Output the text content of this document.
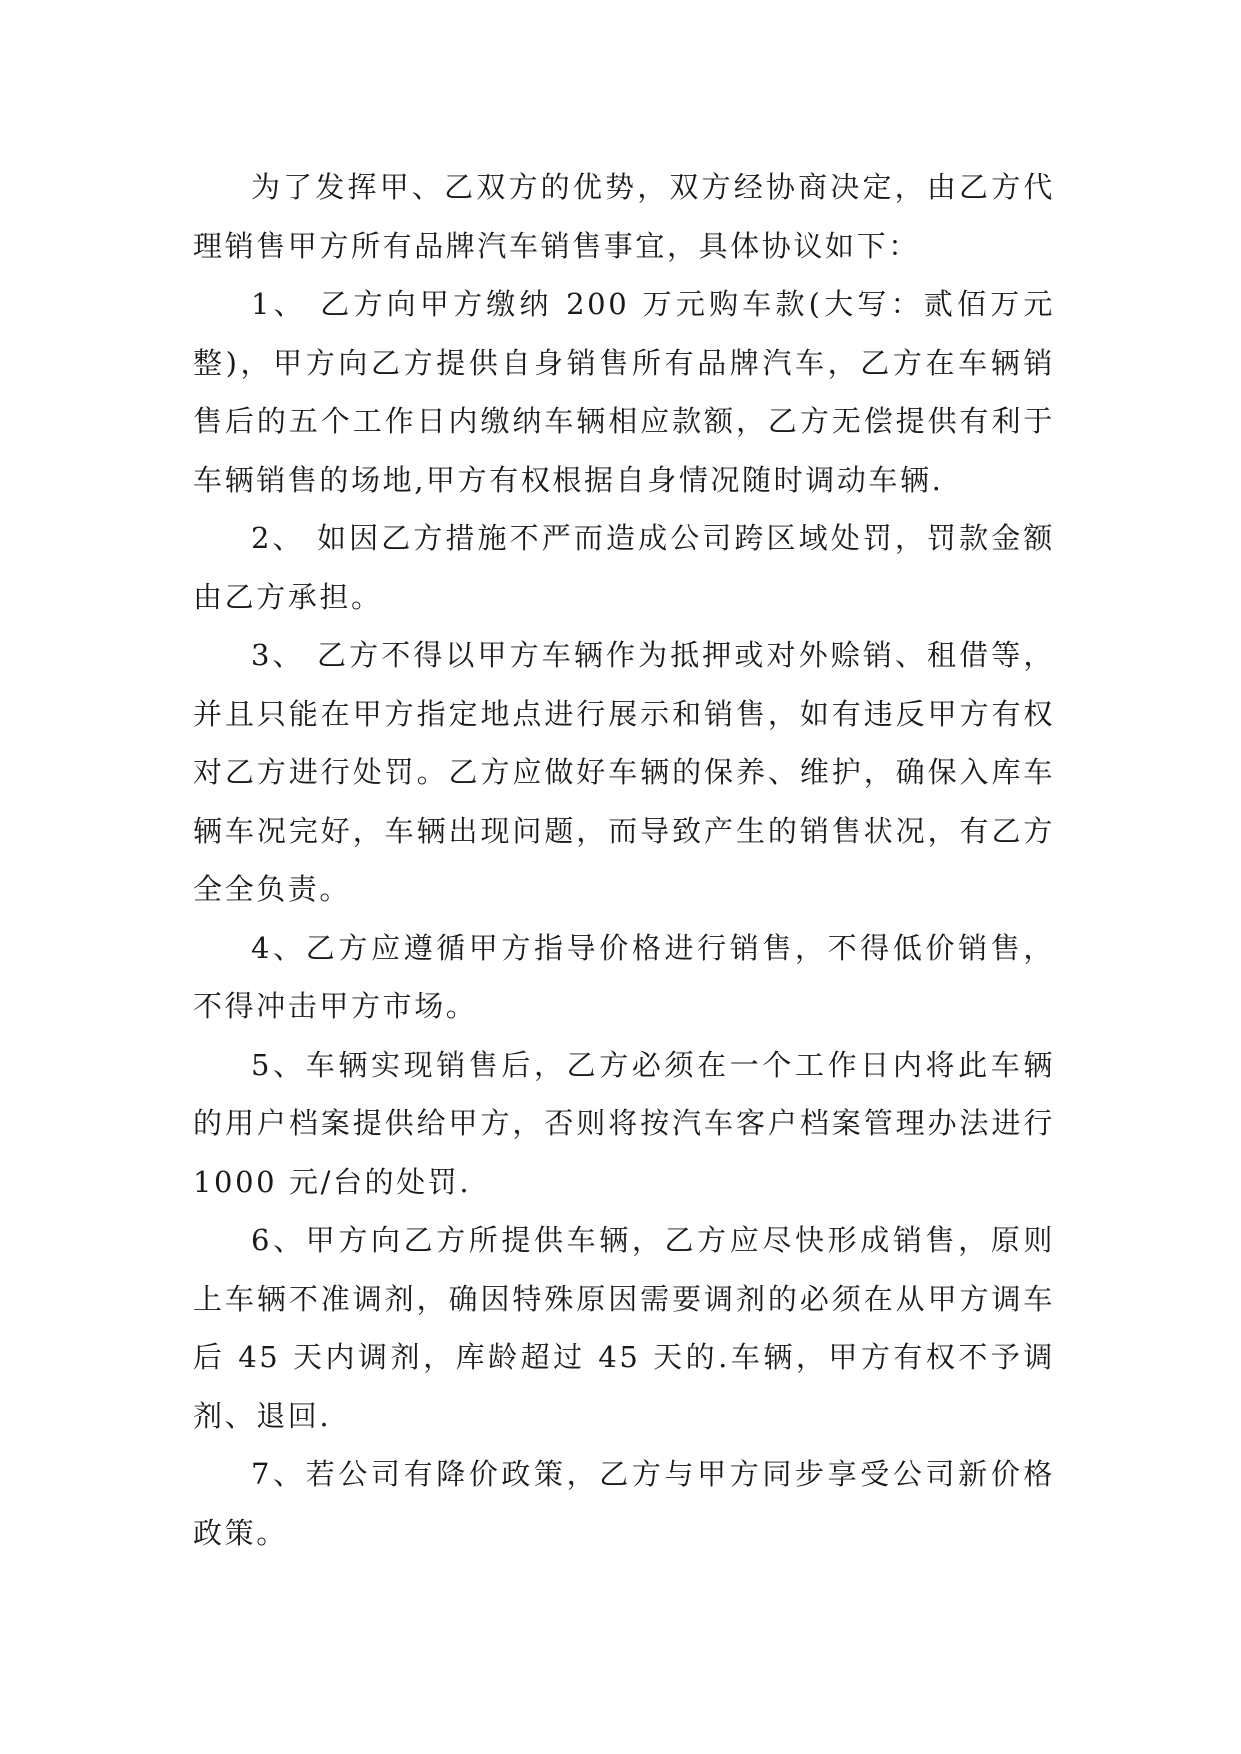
为了发挥甲、乙双方的优势，双方经协商决定，由乙方代理销售甲方所有品牌汽车销售事宜，具体协议如下：

1、 乙方向甲方缴纳 200 万元购车款(大写：贰佰万元整)，甲方向乙方提供自身销售所有品牌汽车，乙方在车辆销售后的五个工作日内缴纳车辆相应款额，乙方无偿提供有利于车辆销售的场地,甲方有权根据自身情况随时调动车辆.

2、 如因乙方措施不严而造成公司跨区域处罚，罚款金额由乙方承担。

3、 乙方不得以甲方车辆作为抵押或对外赊销、租借等，并且只能在甲方指定地点进行展示和销售，如有违反甲方有权对乙方进行处罚。乙方应做好车辆的保养、维护，确保入库车辆车况完好，车辆出现问题，而导致产生的销售状况，有乙方全全负责。

4、乙方应遵循甲方指导价格进行销售，不得低价销售，不得冲击甲方市场。

5、车辆实现销售后，乙方必须在一个工作日内将此车辆的用户档案提供给甲方，否则将按汽车客户档案管理办法进行 1000 元/台的处罚.

6、甲方向乙方所提供车辆，乙方应尽快形成销售，原则上车辆不准调剂，确因特殊原因需要调剂的必须在从甲方调车后 45 天内调剂，库龄超过 45 天的.车辆，甲方有权不予调剂、退回.

7、若公司有降价政策，乙方与甲方同步享受公司新价格政策。
